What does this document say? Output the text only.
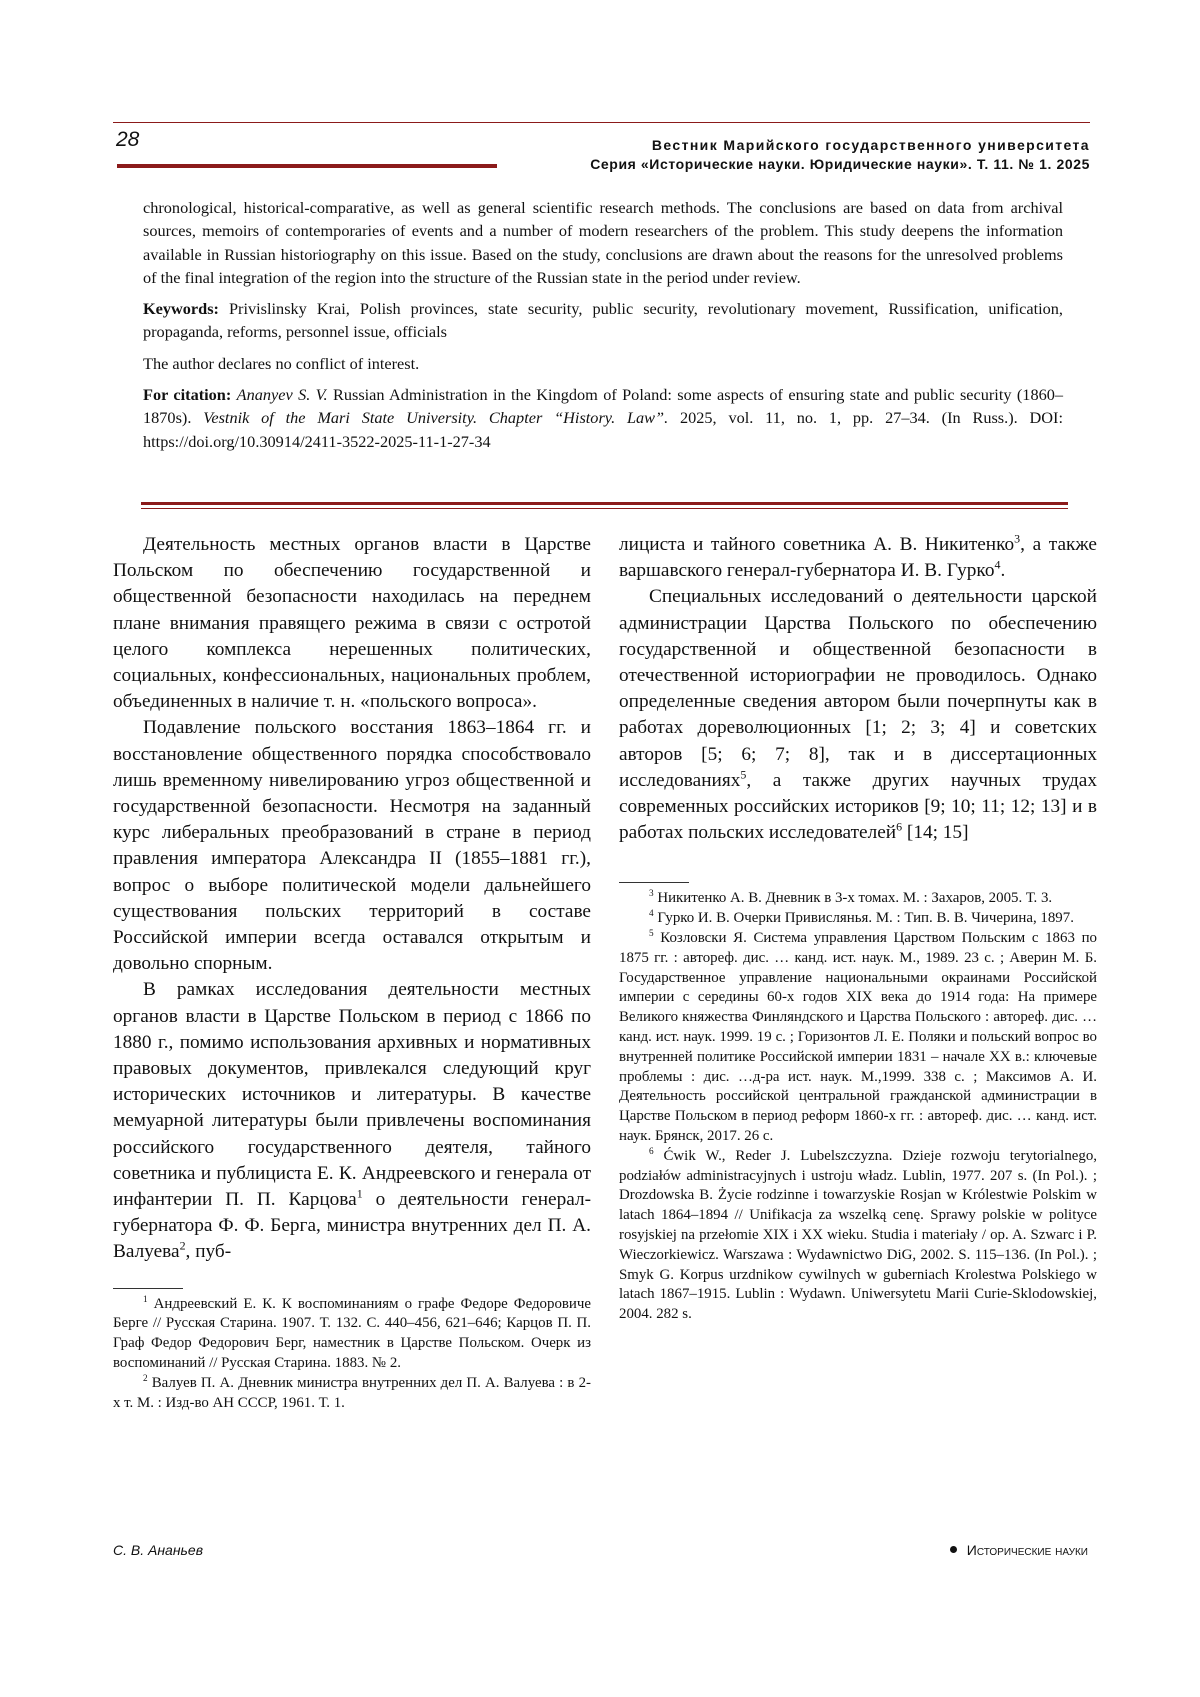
28	Вестник Марийского государственного университета

Серия «Исторические науки. Юридические науки». Т. 11. № 1. 2025

chronological, historical-comparative, as well as general scientific research methods. The conclusions are based on data from archival sources, memoirs of contemporaries of events and a number of modern researchers of the problem. This study deepens the information available in Russian historiography on this issue. Based on the study, conclusions are drawn about the reasons for the unresolved problems of the final integration of the region into the structure of the Russian state in the period under review.

Keywords: Privislinsky Krai, Polish provinces, state security, public security, revolutionary movement, Russification, unification, propaganda, reforms, personnel issue, officials

The author declares no conflict of interest.

For citation: Ananyev S. V. Russian Administration in the Kingdom of Poland: some aspects of ensuring state and public security (1860–1870s). Vestnik of the Mari State University. Chapter “History. Law”. 2025, vol. 11, no. 1, pp. 27–34. (In Russ.). DOI: https://doi.org/10.30914/2411-3522-2025-11-1-27-34

Деятельность местных органов власти в Царстве Польском по обеспечению государственной и общественной безопасности находилась на переднем плане внимания правящего режима в связи с остротой целого комплекса нерешенных политических, социальных, конфессиональных, национальных проблем, объединенных в наличие т. н. «польского вопроса».

Подавление польского восстания 1863–1864 гг. и восстановление общественного порядка способствовало лишь временному нивелированию угроз общественной и государственной безопасности. Несмотря на заданный курс либеральных преобразований в стране в период правления императора Александра II (1855–1881 гг.), вопрос о выборе политической модели дальнейшего существования польских территорий в составе Российской империи всегда оставался открытым и довольно спорным.

В рамках исследования деятельности местных органов власти в Царстве Польском в период с 1866 по 1880 г., помимо использования архивных и нормативных правовых документов, привлекался следующий круг исторических источников и литературы. В качестве мемуарной литературы были привлечены воспоминания российского государственного деятеля, тайного советника и публициста Е. К. Андреевского и генерала от инфантерии П. П. Карцова$^1$ о деятельности генерал-губернатора Ф. Ф. Берга, министра внутренних дел П. А. Валуева$^2$, пуб-

$^1$ Андреевский Е. К. К воспоминаниям о графе Федоре Федоровиче Берге // Русская Старина. 1907. Т. 132. С. 440–456, 621–646; Карцов П. П. Граф Федор Федорович Берг, наместник в Царстве Польском. Очерк из воспоминаний // Русская Старина. 1883. № 2.

$^2$ Валуев П. А. Дневник министра внутренних дел П. А. Валуева : в 2-х т. М. : Изд-во АН СССР, 1961. Т. 1.

лициста и тайного советника А. В. Никитенко$^3$, а также варшавского генерал-губернатора И. В. Гурко$^4$.

Специальных исследований о деятельности царской администрации Царства Польского по обеспечению государственной и общественной безопасности в отечественной историографии не проводилось. Однако определенные сведения автором были почерпнуты как в работах дореволюционных [1; 2; 3; 4] и советских авторов [5; 6; 7; 8], так и в диссертационных исследованиях$^5$, а также других научных трудах современных российских историков [9; 10; 11; 12; 13] и в работах польских исследователей$^6$ [14; 15]

$^3$ Никитенко А. В. Дневник в 3-х томах. М. : Захаров, 2005. Т. 3.

$^4$ Гурко И. В. Очерки Привислянья. М. : Тип. В. В. Чичерина, 1897.

$^5$ Козловски Я. Система управления Царством Польским с 1863 по 1875 гг. : автореф. дис. … канд. ист. наук. М., 1989. 23 с. ; Аверин М. Б. Государственное управление национальными окраинами Российской империи с середины 60-х годов XIX века до 1914 года: На примере Великого княжества Финляндского и Царства Польского : автореф. дис. … канд. ист. наук. 1999. 19 с. ; Горизонтов Л. Е. Поляки и польский вопрос во внутренней политике Российской империи 1831 – начале XX в.: ключевые проблемы : дис. …д-ра ист. наук. М.,1999. 338 с. ; Максимов А. И. Деятельность российской центральной гражданской администрации в Царстве Польском в период реформ 1860-х гг. : автореф. дис. … канд. ист. наук. Брянск, 2017. 26 с.

$^6$ Ćwik W., Reder J. Lubelszczyzna. Dzieje rozwoju terytorialnego, podziałów administracyjnych i ustroju władz. Lublin, 1977. 207 s. (In Pol.). ; Drozdowska B. Życie rodzinne i towarzyskie Rosjan w Królestwie Polskim w latach 1864–1894 // Unifikacja za wszelką cenę. Sprawy polskie w polityce rosyjskiej na przełomie XIX i XX wieku. Studia i materiały / op. A. Szwarc i P. Wieczorkiewicz. Warszawa : Wydawnictwo DiG, 2002. S. 115–136. (In Pol.). ; Smyk G. Korpus urzdnikow cywilnych w guberniach Krolestwa Polskiego w latach 1867–1915. Lublin : Wydawn. Uniwersytetu Marii Curie-Sklodowskiej, 2004. 282 s.

С. В. Ананьев	Исторические науки
